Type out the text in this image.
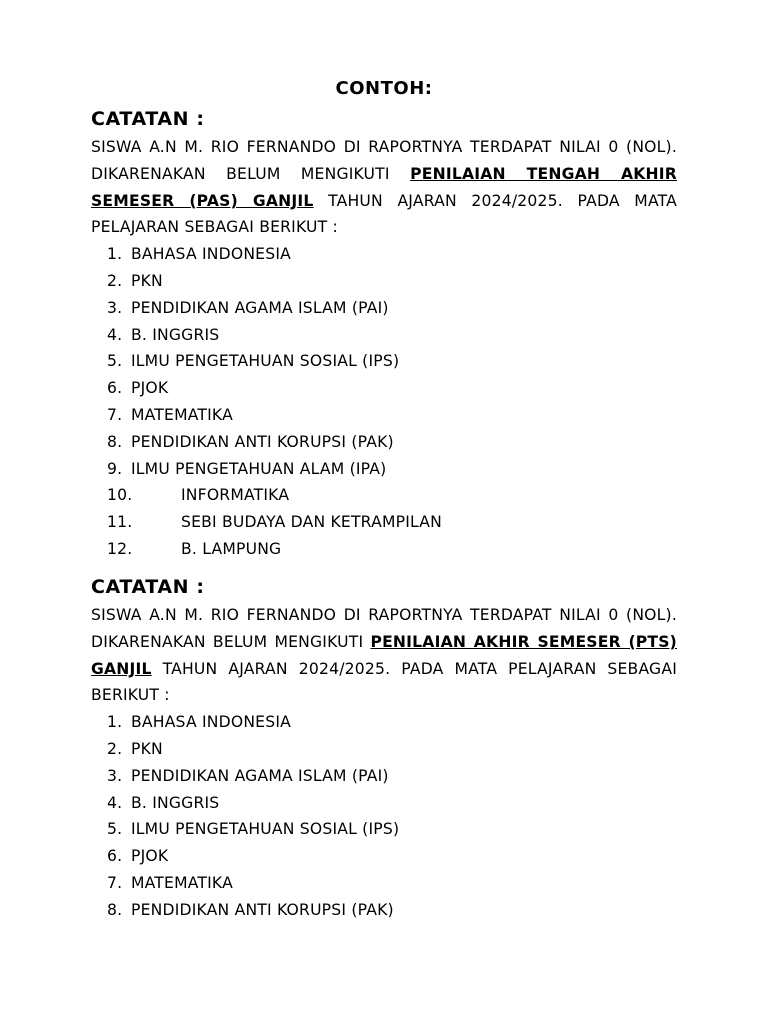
CONTOH:
CATATAN :

SISWA A.N M. RIO FERNANDO DI RAPORTNYA TERDAPAT NILAI 0 (NOL). DIKARENAKAN BELUM MENGIKUTI PENILAIAN TENGAH AKHIR SEMESER (PAS) GANJIL TAHUN AJARAN 2024/2025. PADA MATA PELAJARAN SEBAGAI BERIKUT :

1. BAHASA INDONESIA
2. PKN
3. PENDIDIKAN AGAMA ISLAM (PAI)
4. B. INGGRIS
5. ILMU PENGETAHUAN SOSIAL (IPS)
6. PJOK
7. MATEMATIKA
8. PENDIDIKAN ANTI KORUPSI (PAK)
9. ILMU PENGETAHUAN ALAM (IPA)
10.	INFORMATIKA
11.	SEBI BUDAYA DAN KETRAMPILAN
12.	B. LAMPUNG
CATATAN :

SISWA A.N M. RIO FERNANDO DI RAPORTNYA TERDAPAT NILAI 0 (NOL). DIKARENAKAN BELUM MENGIKUTI PENILAIAN AKHIR SEMESER (PTS) GANJIL TAHUN AJARAN 2024/2025. PADA MATA PELAJARAN SEBAGAI BERIKUT :

1. BAHASA INDONESIA
2. PKN
3. PENDIDIKAN AGAMA ISLAM (PAI)
4. B. INGGRIS
5. ILMU PENGETAHUAN SOSIAL (IPS)
6. PJOK
7. MATEMATIKA
8. PENDIDIKAN ANTI KORUPSI (PAK)
